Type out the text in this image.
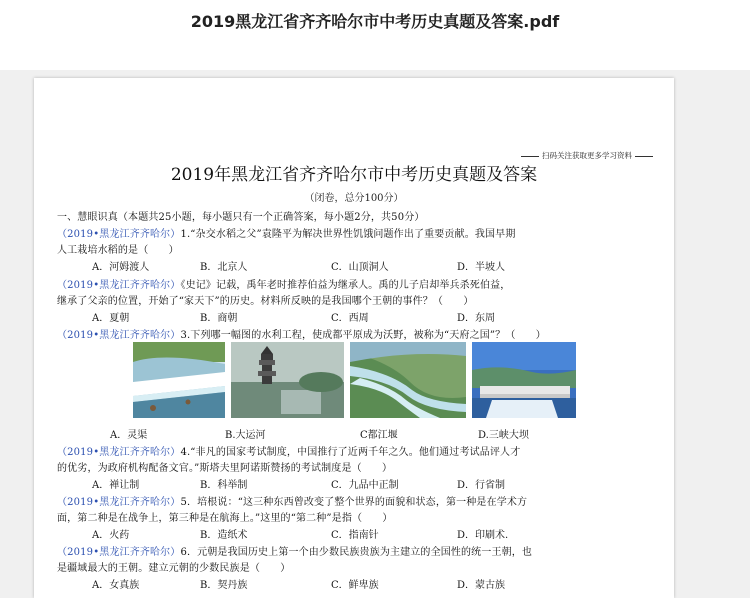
2019黑龙江省齐齐哈尔市中考历史真题及答案.pdf
扫码关注获取更多学习资料
2019年黑龙江省齐齐哈尔市中考历史真题及答案
（闭卷，总分100分）
一、慧眼识真（本题共25小题，每小题只有一个正确答案，每小题2分，共50分）
（2019•黑龙江齐齐哈尔）1.“杂交水稻之父”袁隆平为解决世界性饥饿问题作出了重要贡献。我国早期
人工栽培水稻的是（　　）
A．河姆渡人	B．北京人	C．山顶洞人	D．半坡人
（2019•黑龙江齐齐哈尔）《史记》记载，禹年老时推荐伯益为继承人。禹的儿子启却举兵杀死伯益，
继承了父亲的位置，开始了“家天下”的历史。材料所反映的是我国哪个王朝的事件？（　　）
A．夏朝	B．商朝	C．西周	D．东周
（2019•黑龙江齐齐哈尔）3.下列哪一幅图的水利工程，使成都平原成为沃野，被称为“天府之国”？（　　）
A．灵渠	B.大运河	C都江堰	D.三峡大坝
（2019•黑龙江齐齐哈尔）4.“非凡的国家考试制度，中国推行了近两千年之久。他们通过考试品评人才
的优劣，为政府机构配备文官。”斯塔夫里阿诺斯赞扬的考试制度是（　　）
A．禅让制	B．科举制	C．九品中正制	D．行省制
（2019•黑龙江齐齐哈尔）5．培根说：“这三种东西曾改变了整个世界的面貌和状态，第一种是在学术方
面，第二种是在战争上，第三种是在航海上。”这里的“第二种”是指（　　）
A．火药	B．造纸术	C．指南针	D．印刷术.
（2019•黑龙江齐齐哈尔）6．元朝是我国历史上第一个由少数民族贵族为主建立的全国性的统一王朝，也
是疆域最大的王朝。建立元朝的少数民族是（　　）
A．女真族	B．契丹族	C．鲜卑族	D．蒙古族
